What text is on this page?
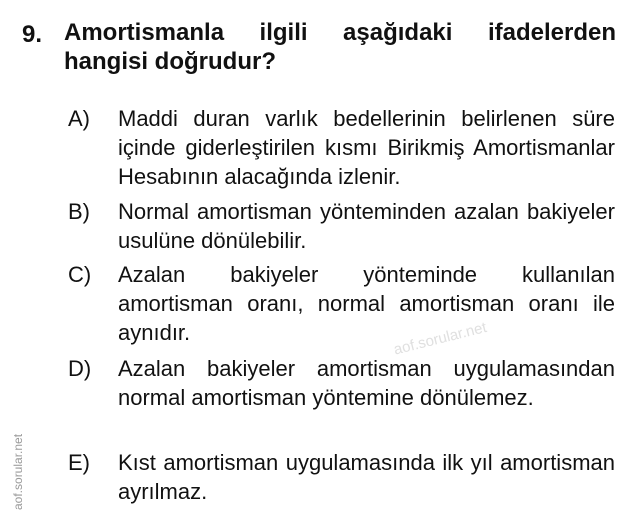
9. Amortismanla ilgili aşağıdaki ifadelerden hangisi doğrudur?
A) Maddi duran varlık bedellerinin belirlenen süre içinde giderleştirilen kısmı Birikmiş Amortismanlar Hesabının alacağında izlenir.
B) Normal amortisman yönteminden azalan bakiyeler usulüne dönülebilir.
C) Azalan bakiyeler yönteminde kullanılan amortisman oranı, normal amortisman oranı ile aynıdır.
D) Azalan bakiyeler amortisman uygulamasından normal amortisman yöntemine dönülemez.
E) Kıst amortisman uygulamasında ilk yıl amortisman ayrılmaz.
aof.sorular.net
aof.sorular.net
